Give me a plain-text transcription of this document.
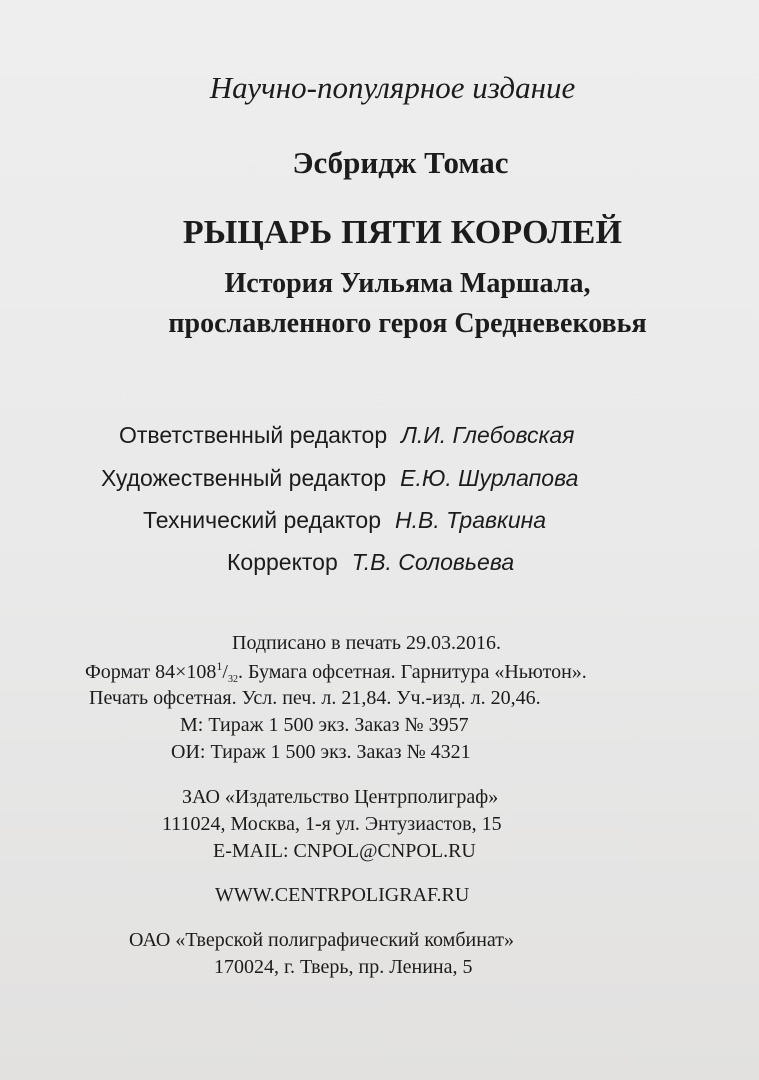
Научно-популярное издание
Эсбридж Томас
РЫЦАРЬ ПЯТИ КОРОЛЕЙ
История Уильяма Маршала,
прославленного героя Средневековья
Ответственный редактор Л.И. Глебовская
Художественный редактор Е.Ю. Шурлапова
Технический редактор Н.В. Травкина
Корректор Т.В. Соловьева
Подписано в печать 29.03.2016.
Формат $84\times 108^1/_{32}$. Бумага офсетная. Гарнитура «Ньютон».
Печать офсетная. Усл. печ. л. 21,84. Уч.-изд. л. 20,46.
М: Тираж 1 500 экз. Заказ № 3957
ОИ: Тираж 1 500 экз. Заказ № 4321
ЗАО «Издательство Центрполиграф»
111024, Москва, 1-я ул. Энтузиастов, 15
E-MAIL: CNPOL@CNPOL.RU
WWW.CENTRPOLIGRAF.RU
ОАО «Тверской полиграфический комбинат»
170024, г. Тверь, пр. Ленина, 5
